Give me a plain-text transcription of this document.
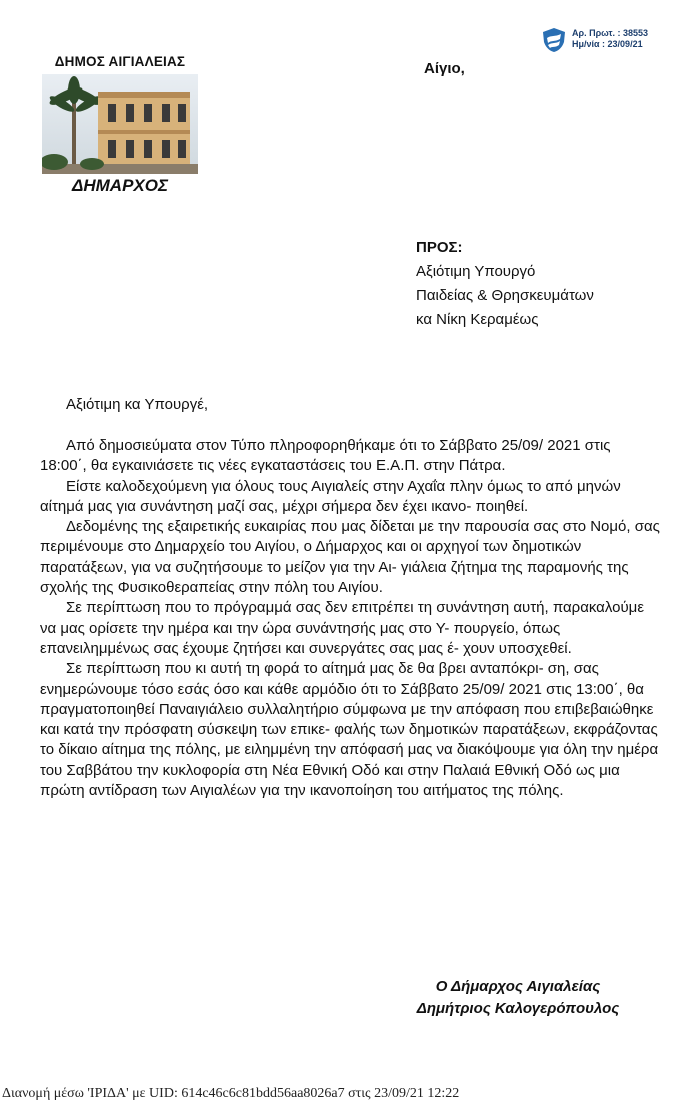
ΔΗΜΟΣ ΑΙΓΙΑΛΕΙΑΣ
ΔΗΜΑΡΧΟΣ
Αρ. Πρωτ. : 38553
Ημ/νία : 23/09/21
Αίγιο,
ΠΡΟΣ:
Αξιότιμη Υπουργό
Παιδείας & Θρησκευμάτων
κα Νίκη Κεραμέως
Αξιότιμη κα Υπουργέ,

Από δημοσιεύματα στον Τύπο πληροφορηθήκαμε ότι το Σάββατο 25/09/ 2021 στις 18:00΄, θα εγκαινιάσετε τις νέες εγκαταστάσεις του Ε.Α.Π. στην Πάτρα.

Είστε καλοδεχούμενη για όλους τους Αιγιαλείς στην Αχαΐα πλην όμως το από μηνών αίτημά μας για συνάντηση μαζί σας, μέχρι σήμερα δεν έχει ικανο- ποιηθεί.

Δεδομένης της εξαιρετικής ευκαιρίας που μας δίδεται με την παρουσία σας στο Νομό, σας περιμένουμε στο Δημαρχείο του Αιγίου, ο Δήμαρχος και οι αρχηγοί των δημοτικών παρατάξεων, για να συζητήσουμε το μείζον για την Αι- γιάλεια ζήτημα της παραμονής της σχολής της Φυσικοθεραπείας στην πόλη του Αιγίου.

Σε περίπτωση που το πρόγραμμά σας δεν επιτρέπει τη συνάντηση αυτή, παρακαλούμε να μας ορίσετε την ημέρα και την ώρα συνάντησής μας στο Υ- πουργείο, όπως επανειλημμένως σας έχουμε ζητήσει και συνεργάτες σας μας έ- χουν υποσχεθεί.

Σε περίπτωση που κι αυτή τη φορά το αίτημά μας δε θα βρει ανταπόκρι- ση, σας ενημερώνουμε τόσο εσάς όσο και κάθε αρμόδιο ότι το Σάββατο 25/09/ 2021 στις 13:00΄, θα πραγματοποιηθεί Παναιγιάλειο συλλαλητήριο σύμφωνα με την απόφαση που επιβεβαιώθηκε και κατά την πρόσφατη σύσκεψη των επικε- φαλής των δημοτικών παρατάξεων, εκφράζοντας το δίκαιο αίτημα της πόλης, με ειλημμένη την απόφασή μας να διακόψουμε για όλη την ημέρα του Σαββάτου την κυκλοφορία στη Νέα Εθνική Οδό και στην Παλαιά Εθνική Οδό ως μια πρώτη αντίδραση των Αιγιαλέων για την ικανοποίηση του αιτήματος της πόλης.

Ο Δήμαρχος Αιγιαλείας
Δημήτριος Καλογερόπουλος
Διανομή μέσω 'ΙΡΙΔΑ' με UID: 614c46c6c81bdd56aa8026a7 στις 23/09/21 12:22
